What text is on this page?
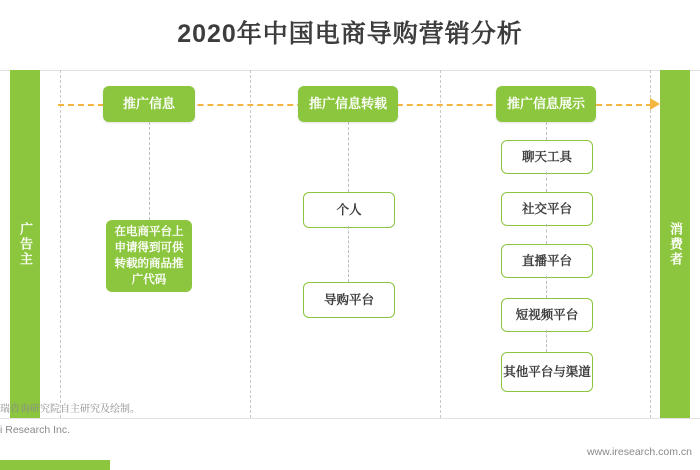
2020年中国电商导购营销分析
广告主	消费者
推广信息
在电商平台上申请得到可供转载的商品推广代码
推广信息转载
个人
导购平台
推广信息展示
聊天工具
社交平台
直播平台
短视频平台
其他平台与渠道
瑞咨询研究院自主研究及绘制。
i Research Inc.
www.iresearch.com.cn
